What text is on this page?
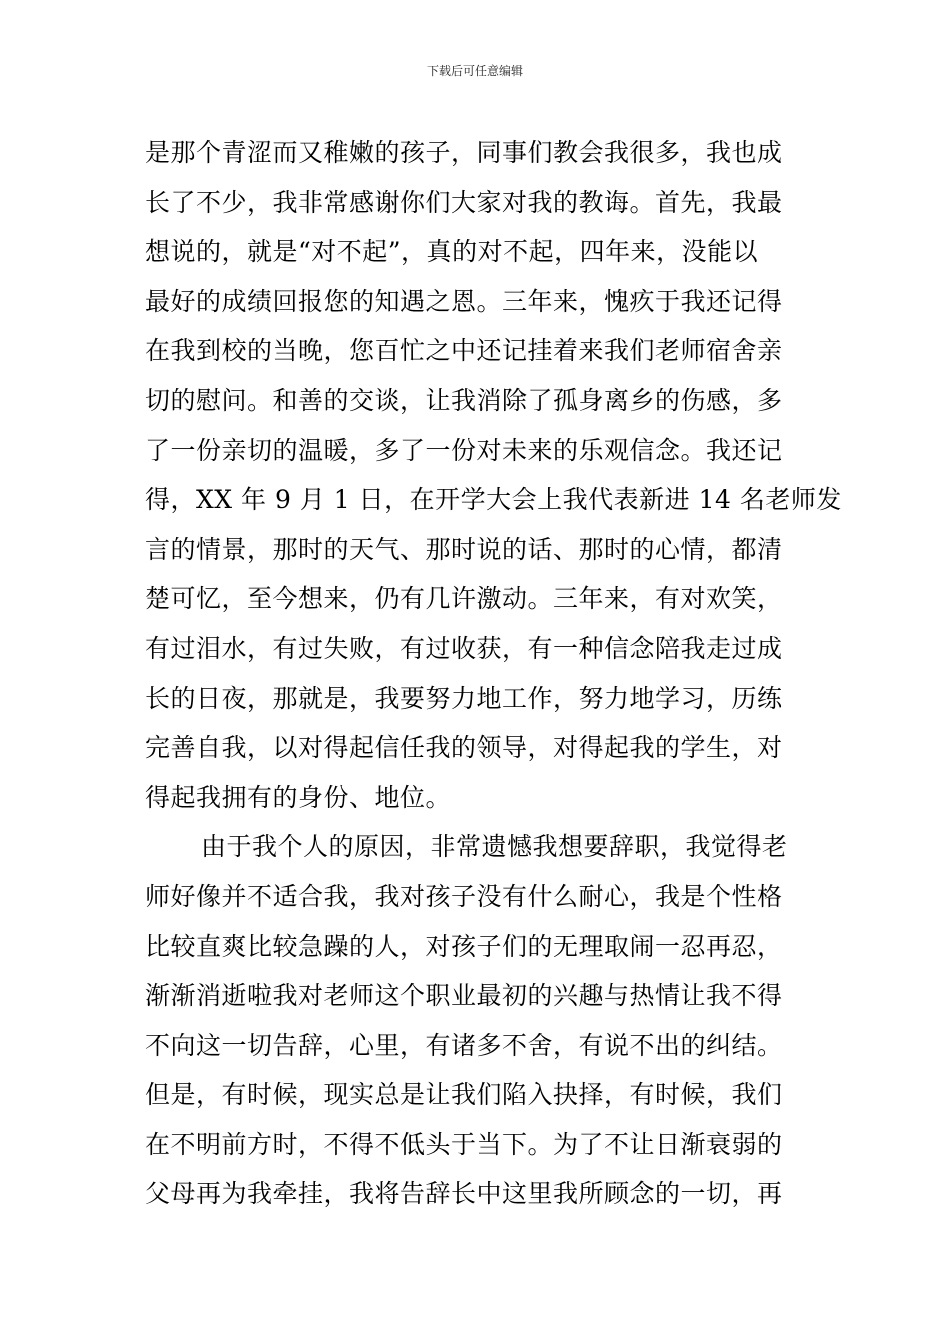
下载后可任意编辑
是那个青涩而又稚嫩的孩子，同事们教会我很多，我也成
长了不少，我非常感谢你们大家对我的教诲。首先，我最
想说的，就是“对不起”，真的对不起，四年来，没能以
最好的成绩回报您的知遇之恩。三年来，愧疚于我还记得
在我到校的当晚，您百忙之中还记挂着来我们老师宿舍亲
切的慰问。和善的交谈，让我消除了孤身离乡的伤感，多
了一份亲切的温暖，多了一份对未来的乐观信念。我还记
得，XX 年 9 月 1 日，在开学大会上我代表新进 14 名老师发
言的情景，那时的天气、那时说的话、那时的心情，都清
楚可忆，至今想来，仍有几许激动。三年来，有对欢笑，
有过泪水，有过失败，有过收获，有一种信念陪我走过成
长的日夜，那就是，我要努力地工作，努力地学习，历练
完善自我，以对得起信任我的领导，对得起我的学生，对
得起我拥有的身份、地位。
由于我个人的原因，非常遗憾我想要辞职，我觉得老
师好像并不适合我，我对孩子没有什么耐心，我是个性格
比较直爽比较急躁的人，对孩子们的无理取闹一忍再忍，
渐渐消逝啦我对老师这个职业最初的兴趣与热情让我不得
不向这一切告辞，心里，有诸多不舍，有说不出的纠结。
但是，有时候，现实总是让我们陷入抉择，有时候，我们
在不明前方时，不得不低头于当下。为了不让日渐衰弱的
父母再为我牵挂，我将告辞长中这里我所顾念的一切，再
